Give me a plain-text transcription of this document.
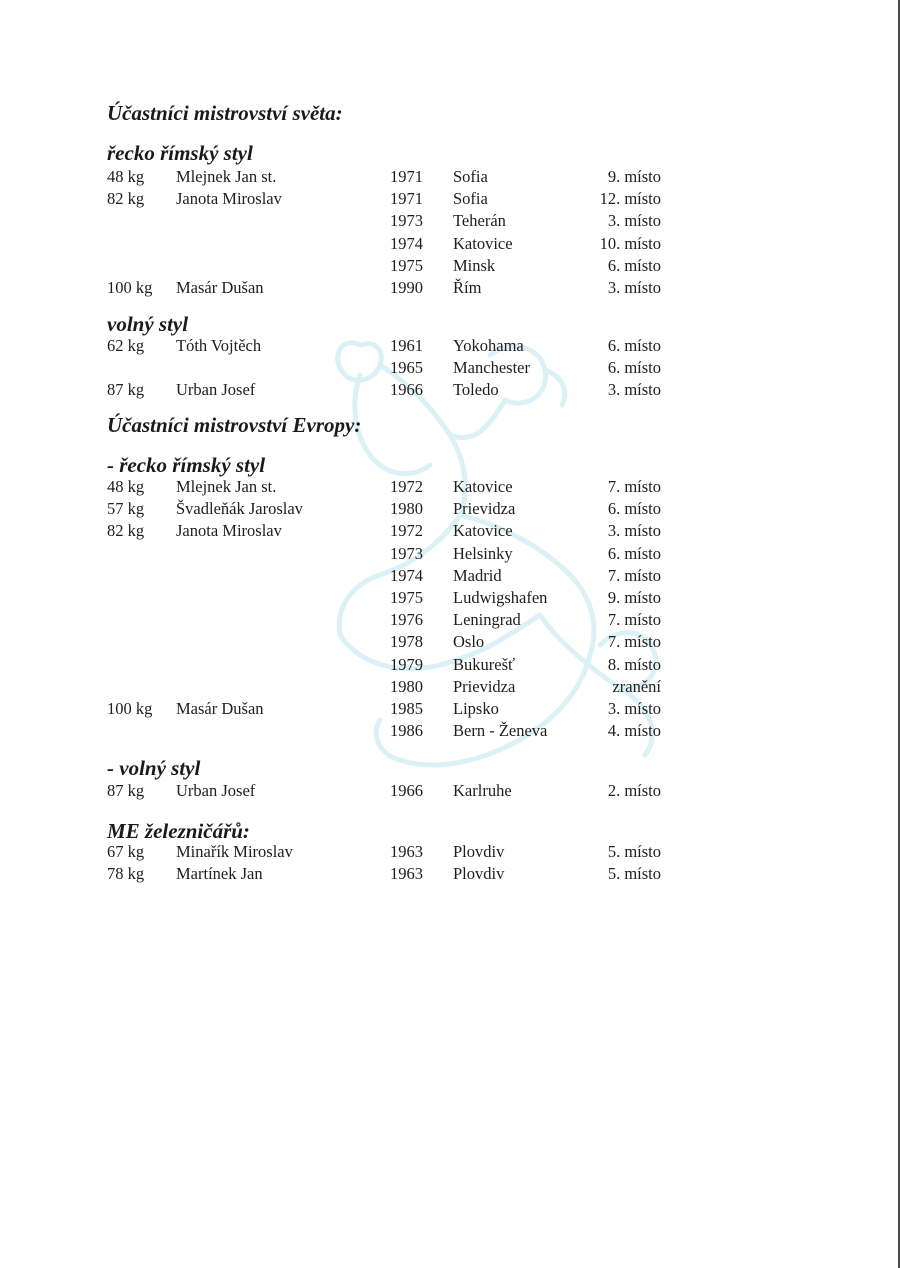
Účastníci mistrovství světa:
řecko římský styl
48 kg Mlejnek Jan st.	1971 Sofia	9. místo
82 kg Janota Miroslav	1971 Sofia	12. místo
1973 Teherán	3. místo
1974 Katovice	10. místo
1975 Minsk	6. místo
100 kg Masár Dušan	1990 Řím	3. místo
volný styl
62 kg Tóth Vojtěch	1961 Yokohama	6. místo
1965 Manchester	6. místo
87 kg Urban Josef	1966 Toledo	3. místo
Účastníci mistrovství Evropy:
- řecko římský styl
48 kg Mlejnek Jan st.	1972 Katovice	7. místo
57 kg Švadleňák Jaroslav	1980 Prievidza	6. místo
82 kg Janota Miroslav	1972 Katovice	3. místo
1973 Helsinky	6. místo
1974 Madrid	7. místo
1975 Ludwigshafen	9. místo
1976 Leningrad	7. místo
1978 Oslo	7. místo
1979 Bukurešť	8. místo
1980 Prievidza	zranění
100 kg Masár Dušan	1985 Lipsko	3. místo
1986 Bern - Ženeva	4. místo
- volný styl
87 kg Urban Josef	1966 Karlruhe	2. místo
ME železničářů:
67 kg Minařík Miroslav	1963 Plovdiv	5. místo
78 kg Martínek Jan	1963 Plovdiv	5. místo
